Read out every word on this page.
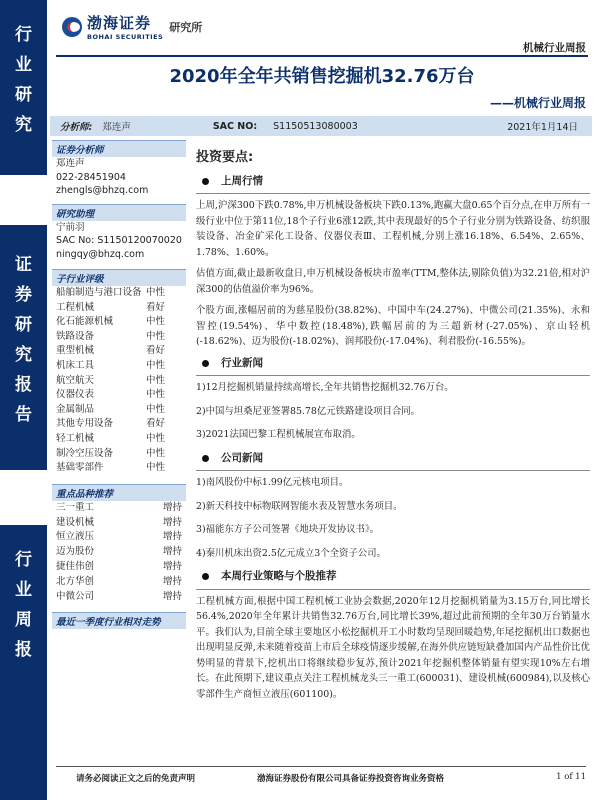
行
业
研
究
证
券
研
究
报
告
行
业
周
报
渤海证券
BOHAI SECURITIES
研究所
机械行业周报
2020年全年共销售挖掘机32.76万台
——机械行业周报
分析师: 郑连声	SAC NO: S1150513080003	2021年1月14日
证券分析师
郑连声
022-28451904
zhengls@bhzq.com
研究助理
宁前羽
SAC No: S1150120070020
ningqy@bhzq.com
子行业评级
船舶制造与港口设备 中性
工程机械	看好
化石能源机械	中性
铁路设备	中性
重型机械	看好
机床工具	中性
航空航天	中性
仪器仪表	中性
金属制品	中性
其他专用设备	看好
轻工机械	中性
制冷空压设备	中性
基础零部件	中性
重点品种推荐
三一重工	增持
建设机械	增持
恒立液压	增持
迈为股份	增持
捷佳伟创	增持
北方华创	增持
中微公司	增持
最近一季度行业相对走势
投资要点:
上周行情
上周,沪深300下跌0.78%,申万机械设备板块下跌0.13%,跑赢大盘0.65个百分点,在申万所有一级行业中位于第11位,18个子行业6涨12跌,其中表现最好的5个子行业分别为铁路设备、纺织服装设备、冶金矿采化工设备、仪器仪表Ⅲ、工程机械,分别上涨16.18%、6.54%、2.65%、1.78%、1.60%。
估值方面,截止最新收盘日,申万机械设备板块市盈率(TTM,整体法,剔除负值)为32.21倍,相对沪深300的估值溢价率为96%。
个股方面,涨幅居前的为慈星股份(38.82%)、中国中车(24.27%)、中微公司(21.35%)、永和智控(19.54%)、华中数控(18.48%),跌幅居前的为三超新材(-27.05%)、京山轻机(-18.62%)、迈为股份(-18.02%)、润邦股份(-17.04%)、利君股份(-16.55%)。
行业新闻
1)12月挖掘机销量持续高增长,全年共销售挖掘机32.76万台。
2)中国与坦桑尼亚签署85.78亿元铁路建设项目合同。
3)2021法国巴黎工程机械展宣布取消。
公司新闻
1)南风股份中标1.99亿元核电项目。
2)新天科技中标物联网智能水表及智慧水务项目。
3)福能东方子公司签署《地块开发协议书》。
4)秦川机床出资2.5亿元成立3个全资子公司。
本周行业策略与个股推荐
工程机械方面,根据中国工程机械工业协会数据,2020年12月挖掘机销量为3.15万台,同比增长56.4%,2020年全年累计共销售32.76万台,同比增长39%,超过此前预期的全年30万台销量水平。我们认为,目前全球主要地区小松挖掘机开工小时数均呈现回暖趋势,年尾挖掘机出口数据也出现明显反弹,未来随着疫苗上市后全球疫情逐步缓解,在海外供应链短缺叠加国内产品性价比优势明显的背景下,挖机出口将继续稳步复苏,预计2021年挖掘机整体销量有望实现10%左右增长。在此预期下,建议重点关注工程机械龙头三一重工(600031)、建设机械(600984),以及核心零部件生产商恒立液压(601100)。
请务必阅读正文之后的免责声明	渤海证券股份有限公司具备证券投资咨询业务资格	1 of 11
